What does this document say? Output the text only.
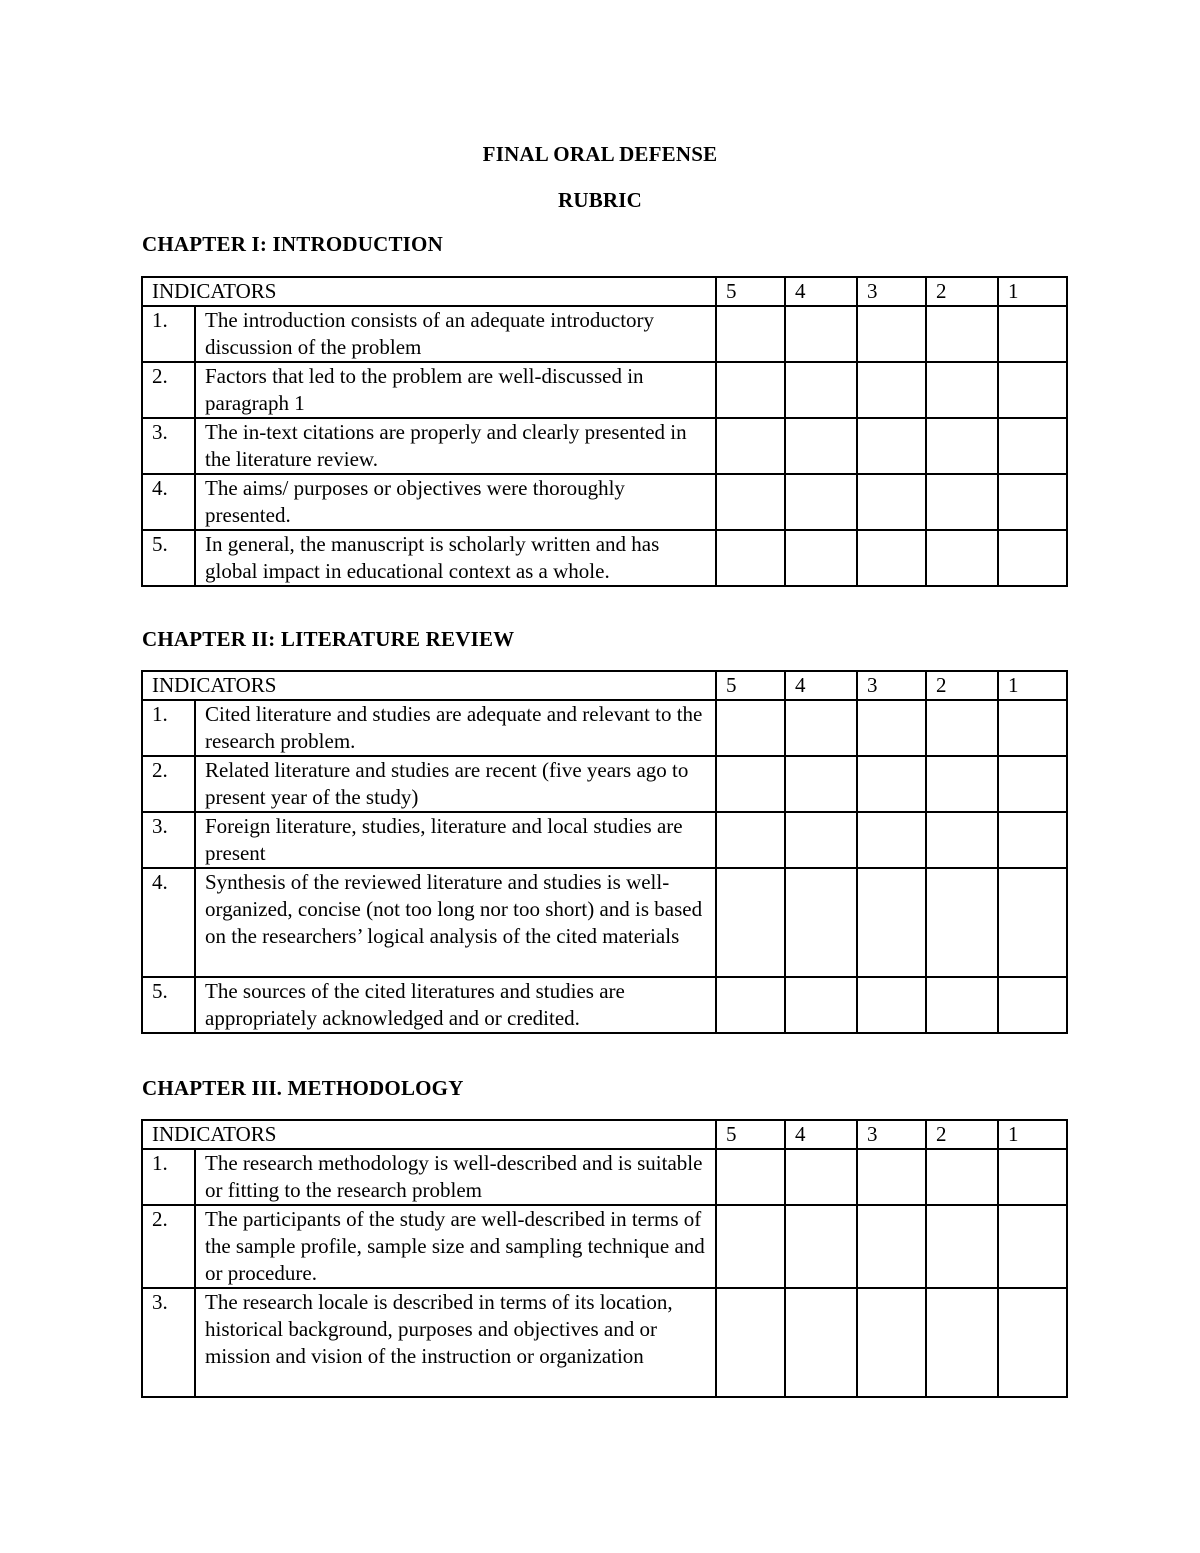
FINAL ORAL DEFENSE
RUBRIC
CHAPTER I: INTRODUCTION
INDICATORS		5	4	3	2	1
1.	The introduction consists of an adequate introductory discussion of the problem					
2.	Factors that led to the problem are well-discussed in paragraph 1					
3.	The in-text citations are properly and clearly presented in the literature review.					
4.	The aims/ purposes or objectives were thoroughly presented.					
5.	In general, the manuscript is scholarly written and has global impact in educational context as a whole.					
CHAPTER II: LITERATURE REVIEW
INDICATORS		5	4	3	2	1
1.	Cited literature and studies are adequate and relevant to the research problem.					
2.	Related literature and studies are recent (five years ago to present year of the study)					
3.	Foreign literature, studies, literature and local studies are present					
4.	Synthesis of the reviewed literature and studies is well-organized, concise (not too long nor too short) and is based on the researchers’ logical analysis of the cited materials					
5.	The sources of the cited literatures and studies are appropriately acknowledged and or credited.					
CHAPTER III. METHODOLOGY
INDICATORS		5	4	3	2	1
1.	The research methodology is well-described and is suitable or fitting to the research problem					
2.	The participants of the study are well-described in terms of the sample profile, sample size and sampling technique and or procedure.					
3.	The research locale is described in terms of its location, historical background, purposes and objectives and or mission and vision of the instruction or organization					
